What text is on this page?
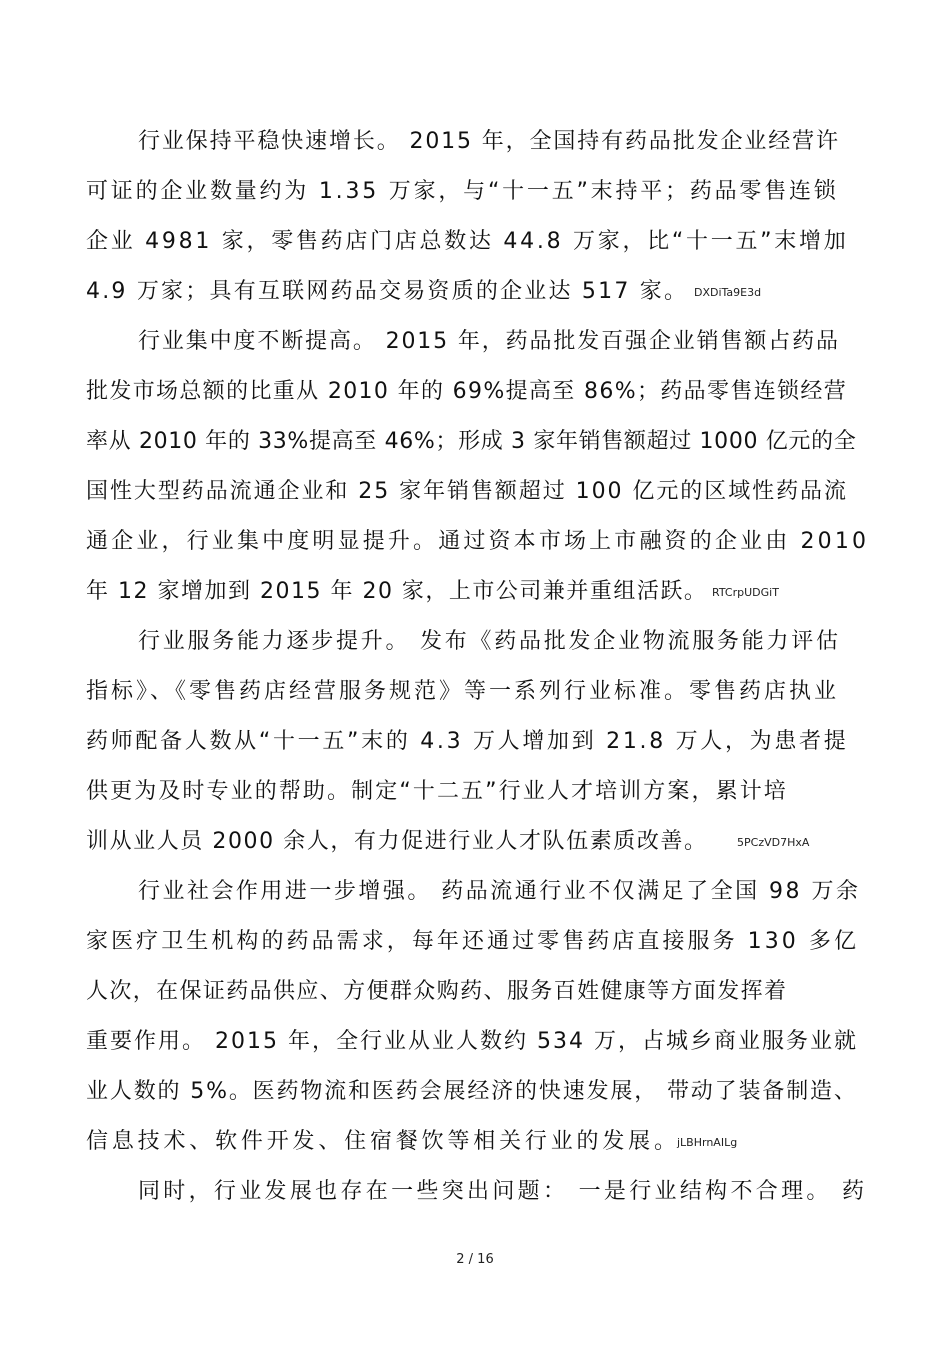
行业保持平稳快速增长。 2015 年，全国持有药品批发企业经营许
可证的企业数量约为 1.35 万家，与“十一五”末持平；药品零售连锁
企业 4981 家，零售药店门店总数达 44.8 万家，比“十一五”末增加
4.9 万家；具有互联网药品交易资质的企业达 517 家。 DXDiTa9E3d
行业集中度不断提高。 2015 年，药品批发百强企业销售额占药品
批发市场总额的比重从 2010 年的 69%提高至 86%；药品零售连锁经营
率从 2010 年的 33%提高至 46%；形成 3 家年销售额超过 1000 亿元的全
国性大型药品流通企业和 25 家年销售额超过 100 亿元的区域性药品流
通企业，行业集中度明显提升。通过资本市场上市融资的企业由 2010
年 12 家增加到 2015 年 20 家，上市公司兼并重组活跃。 RTCrpUDGiT
行业服务能力逐步提升。 发布《药品批发企业物流服务能力评估
指标》、《零售药店经营服务规范》等一系列行业标准。零售药店执业
药师配备人数从“十一五”末的 4.3 万人增加到 21.8 万人，为患者提
供更为及时专业的帮助。制定“十二五”行业人才培训方案，累计培
训从业人员 2000 余人，有力促进行业人才队伍素质改善。	5PCzVD7HxA
行业社会作用进一步增强。 药品流通行业不仅满足了全国 98 万余
家医疗卫生机构的药品需求，每年还通过零售药店直接服务 130 多亿
人次，在保证药品供应、方便群众购药、服务百姓健康等方面发挥着
重要作用。 2015 年，全行业从业人数约 534 万，占城乡商业服务业就
业人数的 5%。医药物流和医药会展经济的快速发展， 带动了装备制造、
信息技术、软件开发、住宿餐饮等相关行业的发展。
jLBHrnAILg
同时，行业发展也存在一些突出问题： 一是行业结构不合理。 药
2 / 16
